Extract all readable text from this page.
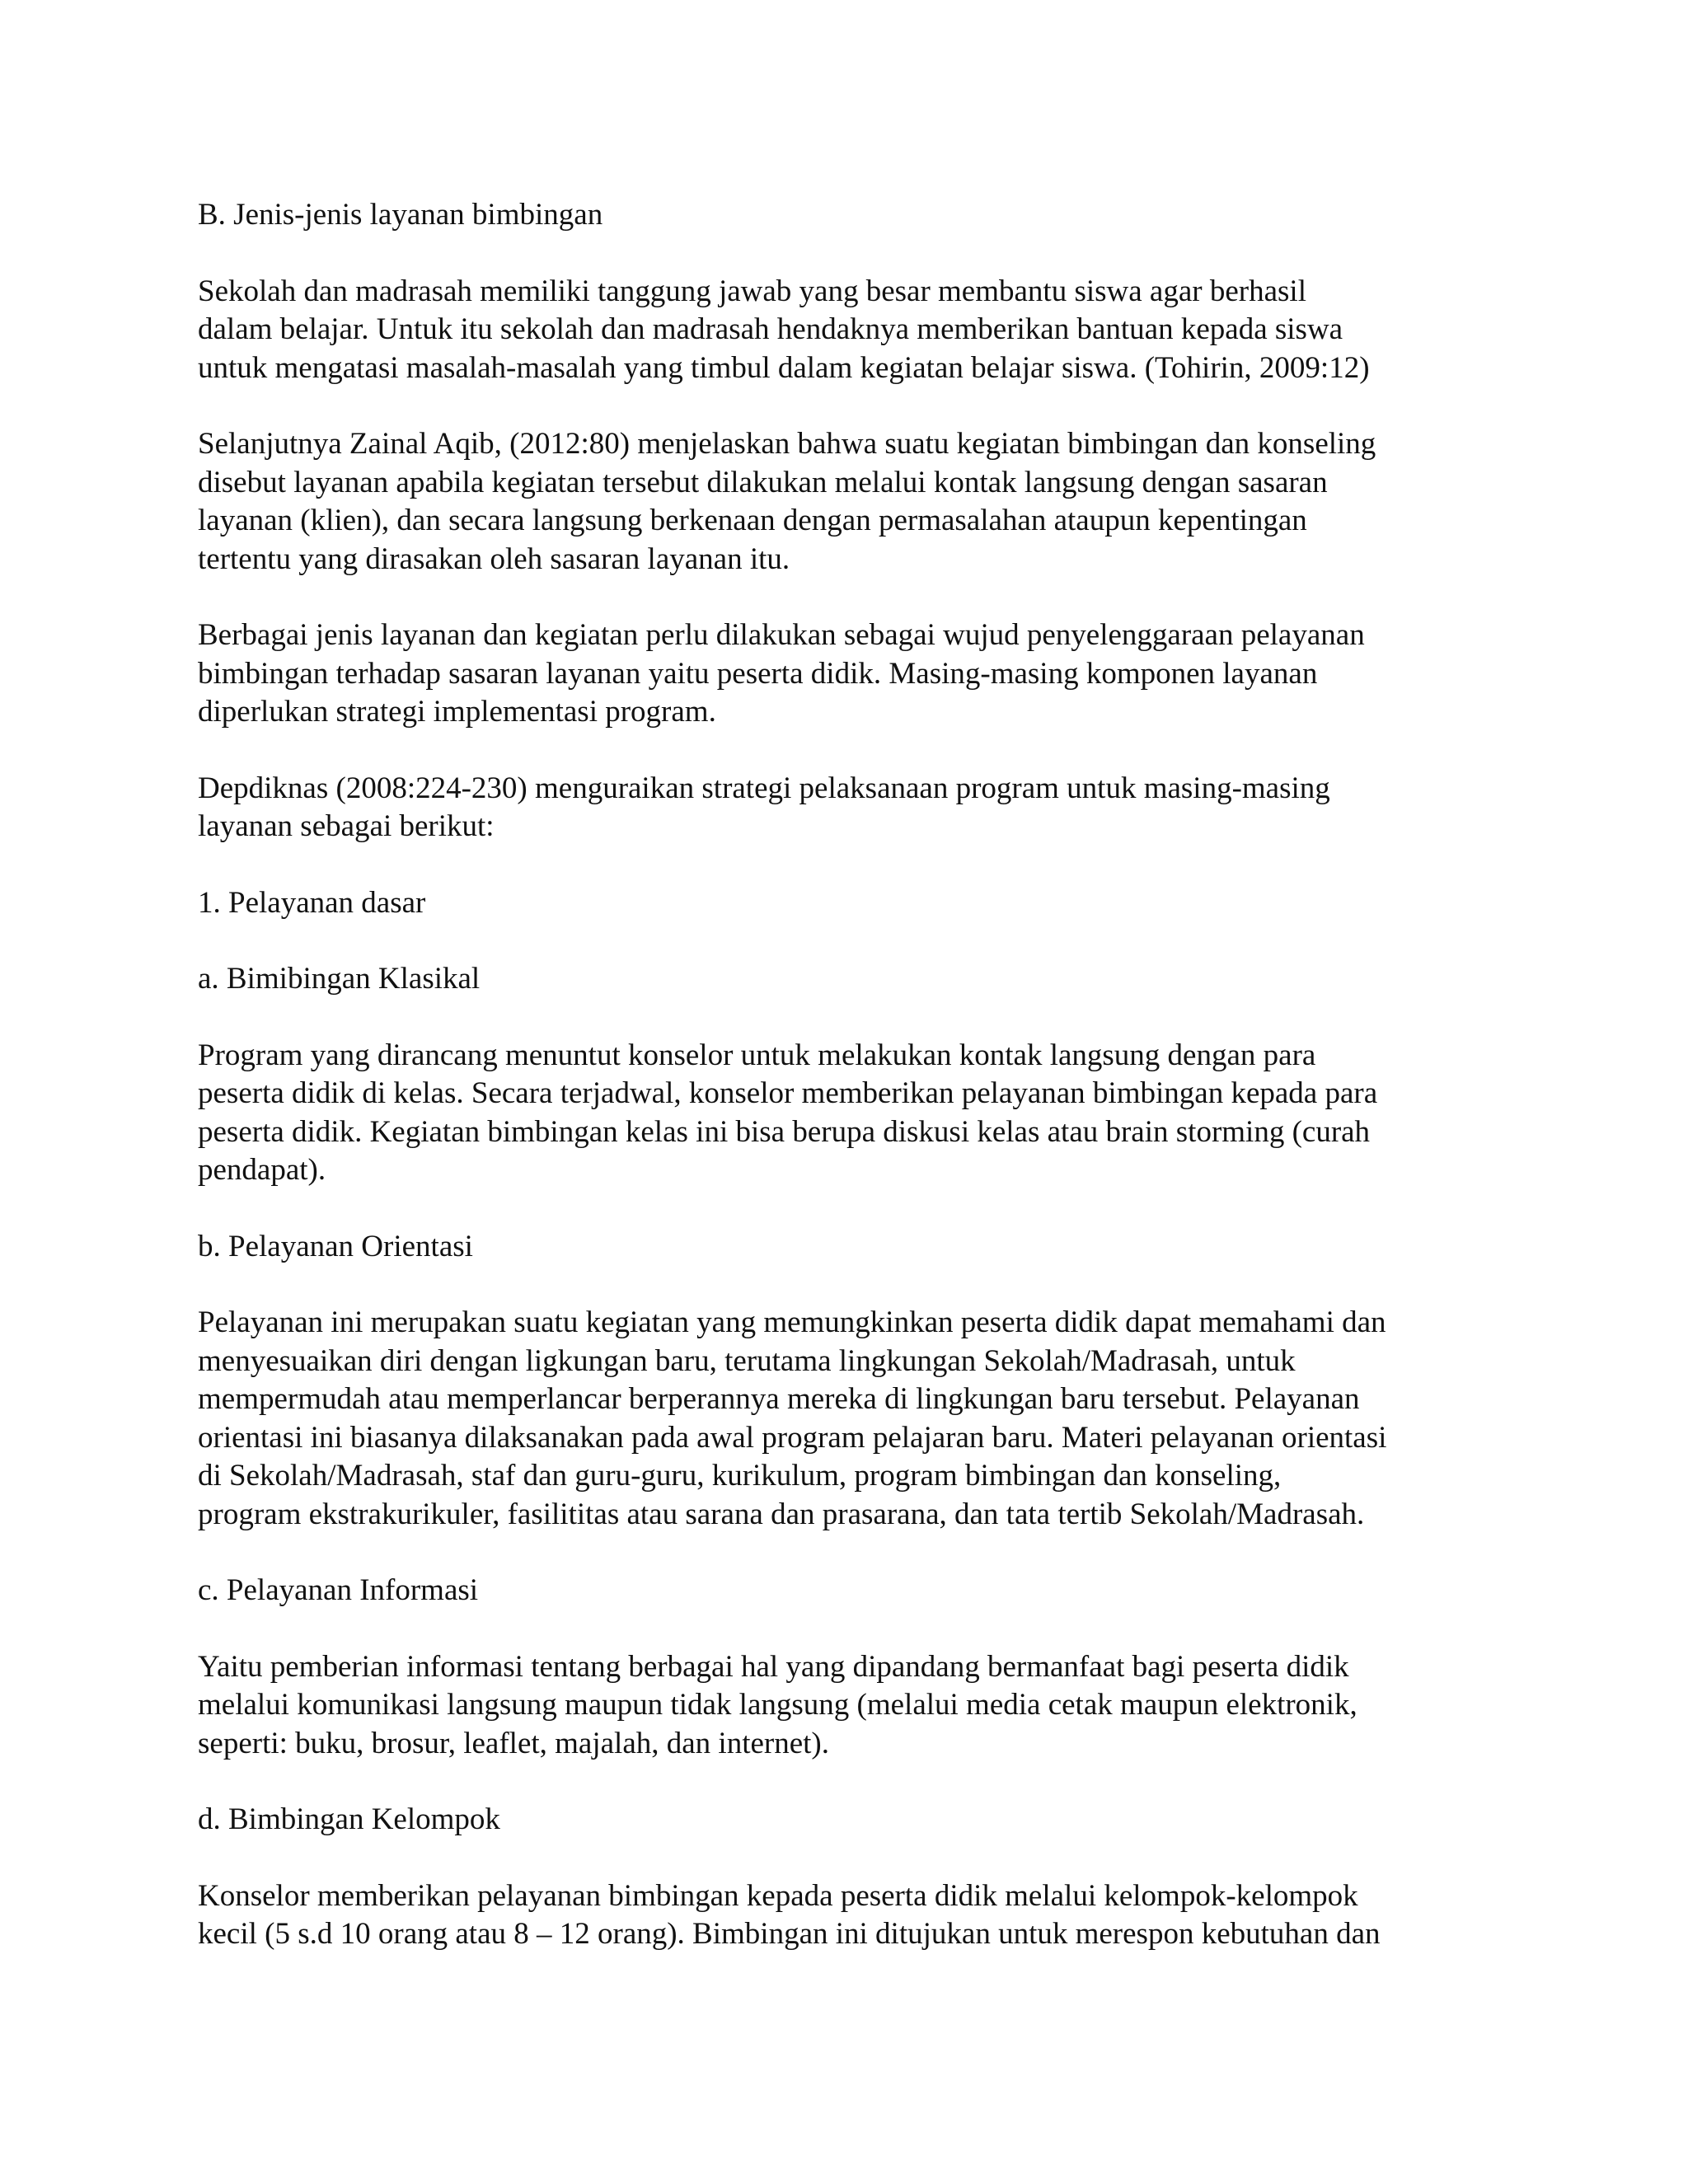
B. Jenis-jenis layanan bimbingan

Sekolah dan madrasah memiliki tanggung jawab yang besar membantu siswa agar berhasil

dalam belajar. Untuk itu sekolah dan madrasah hendaknya memberikan bantuan kepada siswa

untuk mengatasi masalah-masalah yang timbul dalam kegiatan belajar siswa. (Tohirin, 2009:12)

Selanjutnya Zainal Aqib, (2012:80) menjelaskan bahwa suatu kegiatan bimbingan dan konseling

disebut layanan apabila kegiatan tersebut dilakukan melalui kontak langsung dengan sasaran

layanan (klien), dan secara langsung berkenaan dengan permasalahan ataupun kepentingan

tertentu yang dirasakan oleh sasaran layanan itu.

Berbagai jenis layanan dan kegiatan perlu dilakukan sebagai wujud penyelenggaraan pelayanan

bimbingan terhadap sasaran layanan yaitu peserta didik. Masing-masing komponen layanan

diperlukan strategi implementasi program.

Depdiknas (2008:224-230) menguraikan strategi pelaksanaan program untuk masing-masing

layanan sebagai berikut:

1. Pelayanan dasar

a. Bimibingan Klasikal

Program yang dirancang menuntut konselor untuk melakukan kontak langsung dengan para

peserta didik di kelas. Secara terjadwal, konselor memberikan pelayanan bimbingan kepada para

peserta didik. Kegiatan bimbingan kelas ini bisa berupa diskusi kelas atau brain storming (curah

pendapat).

b. Pelayanan Orientasi

Pelayanan ini merupakan suatu kegiatan yang memungkinkan peserta didik dapat memahami dan

menyesuaikan diri dengan ligkungan baru, terutama lingkungan Sekolah/Madrasah, untuk

mempermudah atau memperlancar berperannya mereka di lingkungan baru tersebut. Pelayanan

orientasi ini biasanya dilaksanakan pada awal program pelajaran baru. Materi pelayanan orientasi

di Sekolah/Madrasah, staf dan guru-guru, kurikulum, program bimbingan dan konseling,

program ekstrakurikuler, fasilititas atau sarana dan prasarana, dan tata tertib Sekolah/Madrasah.

c. Pelayanan Informasi

Yaitu pemberian informasi tentang berbagai hal yang dipandang bermanfaat bagi peserta didik

melalui komunikasi langsung maupun tidak langsung (melalui media cetak maupun elektronik,

seperti: buku, brosur, leaflet, majalah, dan internet).

d. Bimbingan Kelompok

Konselor memberikan pelayanan bimbingan kepada peserta didik melalui kelompok-kelompok

kecil (5 s.d 10 orang atau 8 – 12 orang). Bimbingan ini ditujukan untuk merespon kebutuhan dan
